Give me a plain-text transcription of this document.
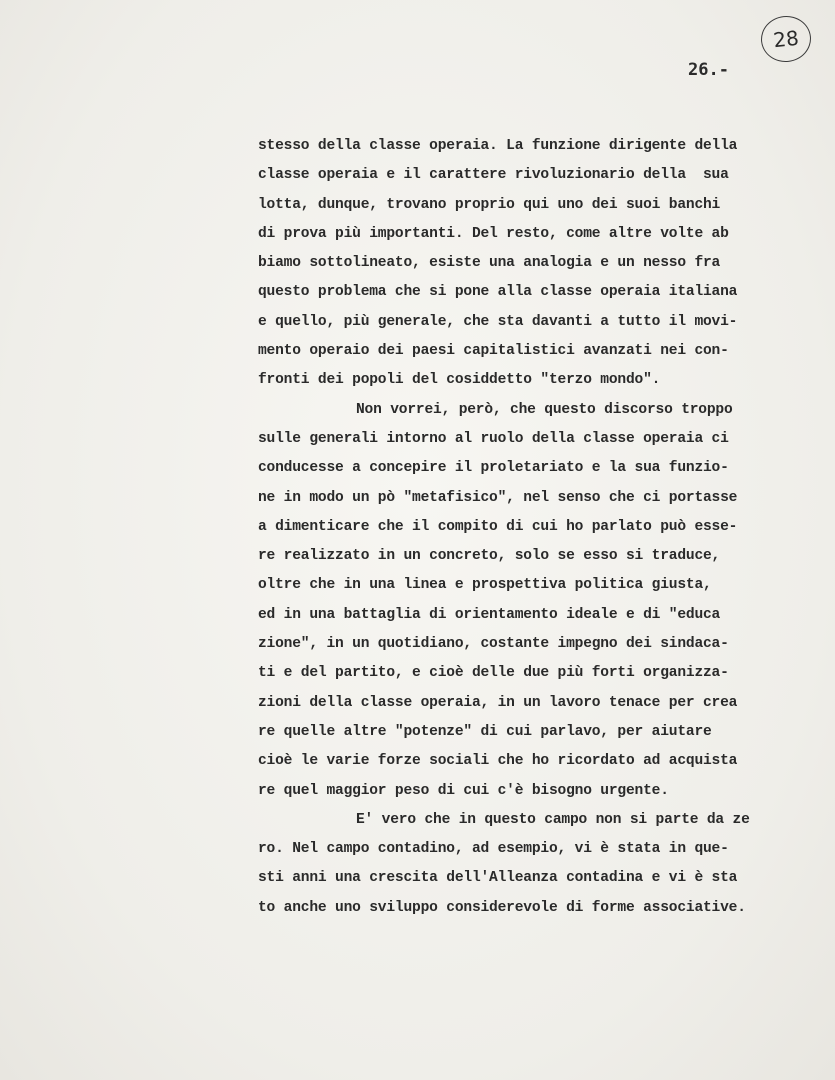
28
26.-
stesso della classe operaia. La funzione dirigente della
classe operaia e il carattere rivoluzionario della  sua
lotta, dunque, trovano proprio qui uno dei suoi banchi
di prova più importanti. Del resto, come altre volte ab
biamo sottolineato, esiste una analogia e un nesso fra
questo problema che si pone alla classe operaia italiana
e quello, più generale, che sta davanti a tutto il movi-
mento operaio dei paesi capitalistici avanzati nei con-
fronti dei popoli del cosiddetto "terzo mondo".
Non vorrei, però, che questo discorso troppo
sulle generali intorno al ruolo della classe operaia ci
conducesse a concepire il proletariato e la sua funzio-
ne in modo un pò "metafisico", nel senso che ci portasse
a dimenticare che il compito di cui ho parlato può esse-
re realizzato in un concreto, solo se esso si traduce,
oltre che in una linea e prospettiva politica giusta,
ed in una battaglia di orientamento ideale e di "educa
zione", in un quotidiano, costante impegno dei sindaca-
ti e del partito, e cioè delle due più forti organizza-
zioni della classe operaia, in un lavoro tenace per crea
re quelle altre "potenze" di cui parlavo, per aiutare
cioè le varie forze sociali che ho ricordato ad acquista
re quel maggior peso di cui c'è bisogno urgente.
E' vero che in questo campo non si parte da ze
ro. Nel campo contadino, ad esempio, vi è stata in que-
sti anni una crescita dell'Alleanza contadina e vi è sta
to anche uno sviluppo considerevole di forme associative.
